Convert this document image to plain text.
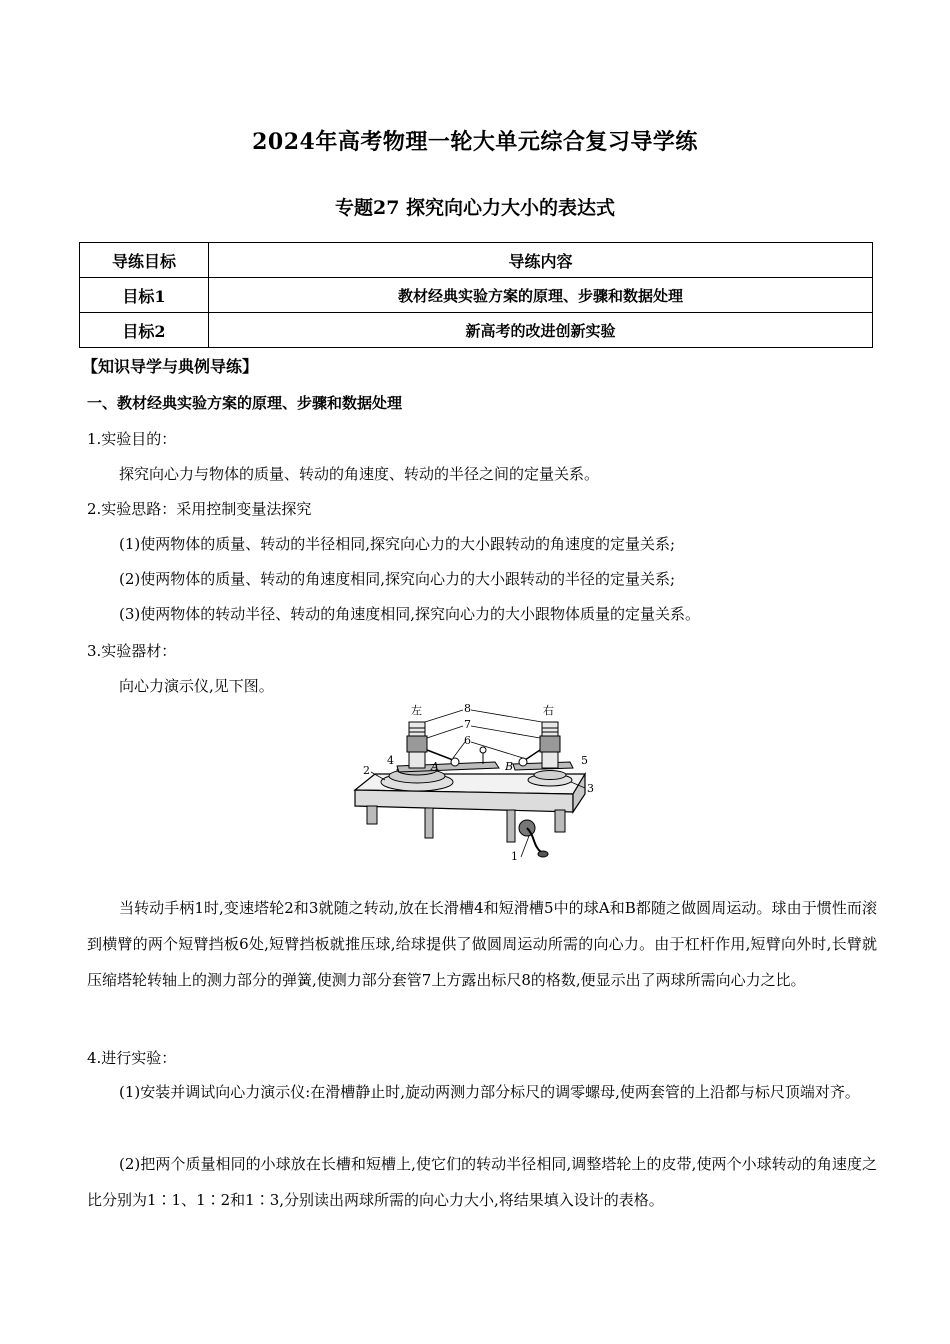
2024年高考物理一轮大单元综合复习导学练
专题27 探究向心力大小的表达式
导练目标	导练内容
目标1	教材经典实验方案的原理、步骤和数据处理
目标2	新高考的改进创新实验
【知识导学与典例导练】
一、教材经典实验方案的原理、步骤和数据处理
1.实验目的：
探究向心力与物体的质量、转动的角速度、转动的半径之间的定量关系。
2.实验思路：采用控制变量法探究
(1)使两物体的质量、转动的半径相同,探究向心力的大小跟转动的角速度的定量关系;
(2)使两物体的质量、转动的角速度相同,探究向心力的大小跟转动的半径的定量关系;
(3)使两物体的转动半径、转动的角速度相同,探究向心力的大小跟物体质量的定量关系。
3.实验器材：
向心力演示仪,见下图。
左	右
8
7
6
2
4	5
3
1
A	B
当转动手柄1时,变速塔轮2和3就随之转动,放在长滑槽4和短滑槽5中的球A和B都随之做圆周运动。球由于惯性而滚到横臂的两个短臂挡板6处,短臂挡板就推压球,给球提供了做圆周运动所需的向心力。由于杠杆作用,短臂向外时,长臂就压缩塔轮转轴上的测力部分的弹簧,使测力部分套管7上方露出标尺8的格数,便显示出了两球所需向心力之比。
4.进行实验：
(1)安装并调试向心力演示仪:在滑槽静止时,旋动两测力部分标尺的调零螺母,使两套管的上沿都与标尺顶端对齐。
(2)把两个质量相同的小球放在长槽和短槽上,使它们的转动半径相同,调整塔轮上的皮带,使两个小球转动的角速度之比分别为1∶1、1∶2和1∶3,分别读出两球所需的向心力大小,将结果填入设计的表格。
